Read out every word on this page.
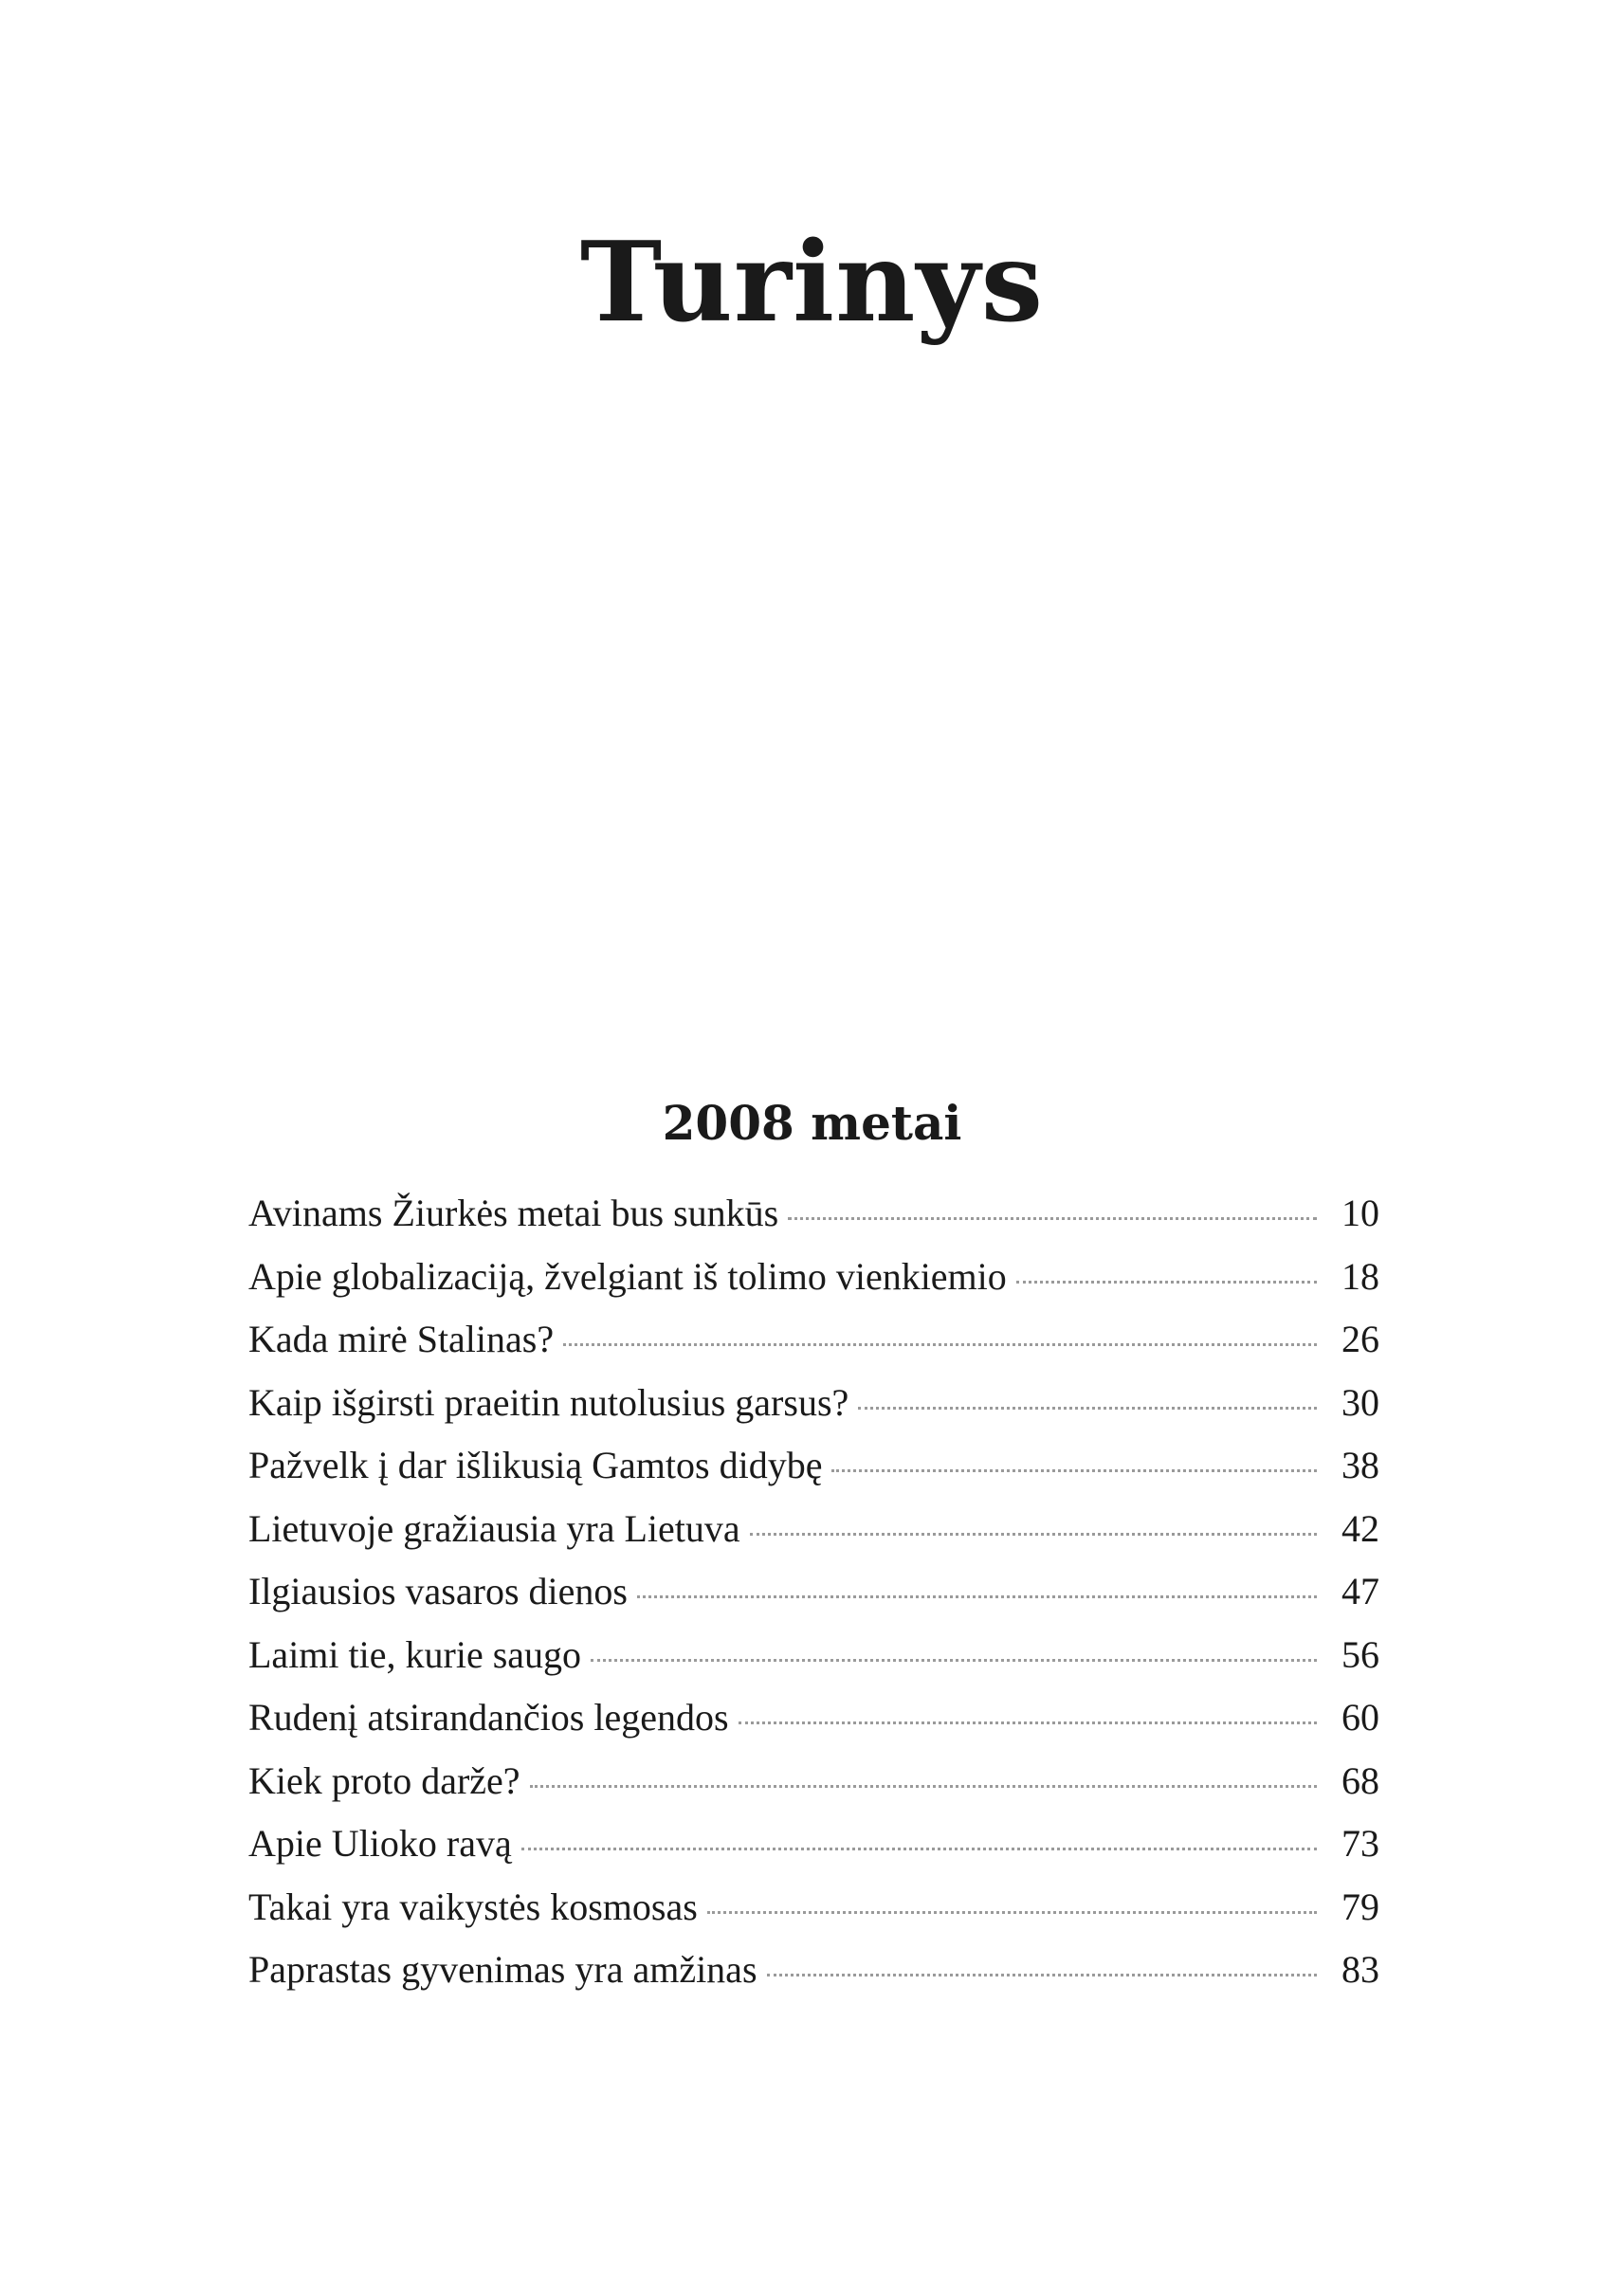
Turinys
2008 metai
Avinams Žiurkės metai bus sunkūs	10
Apie globalizaciją, žvelgiant iš tolimo vienkiemio	18
Kada mirė Stalinas?	26
Kaip išgirsti praeitin nutolusius garsus?	30
Pažvelk į dar išlikusią Gamtos didybę	38
Lietuvoje gražiausia yra Lietuva	42
Ilgiausios vasaros dienos	47
Laimi tie, kurie saugo	56
Rudenį atsirandančios legendos	60
Kiek proto darže?	68
Apie Ulioko ravą	73
Takai yra vaikystės kosmosas	79
Paprastas gyvenimas yra amžinas	83
